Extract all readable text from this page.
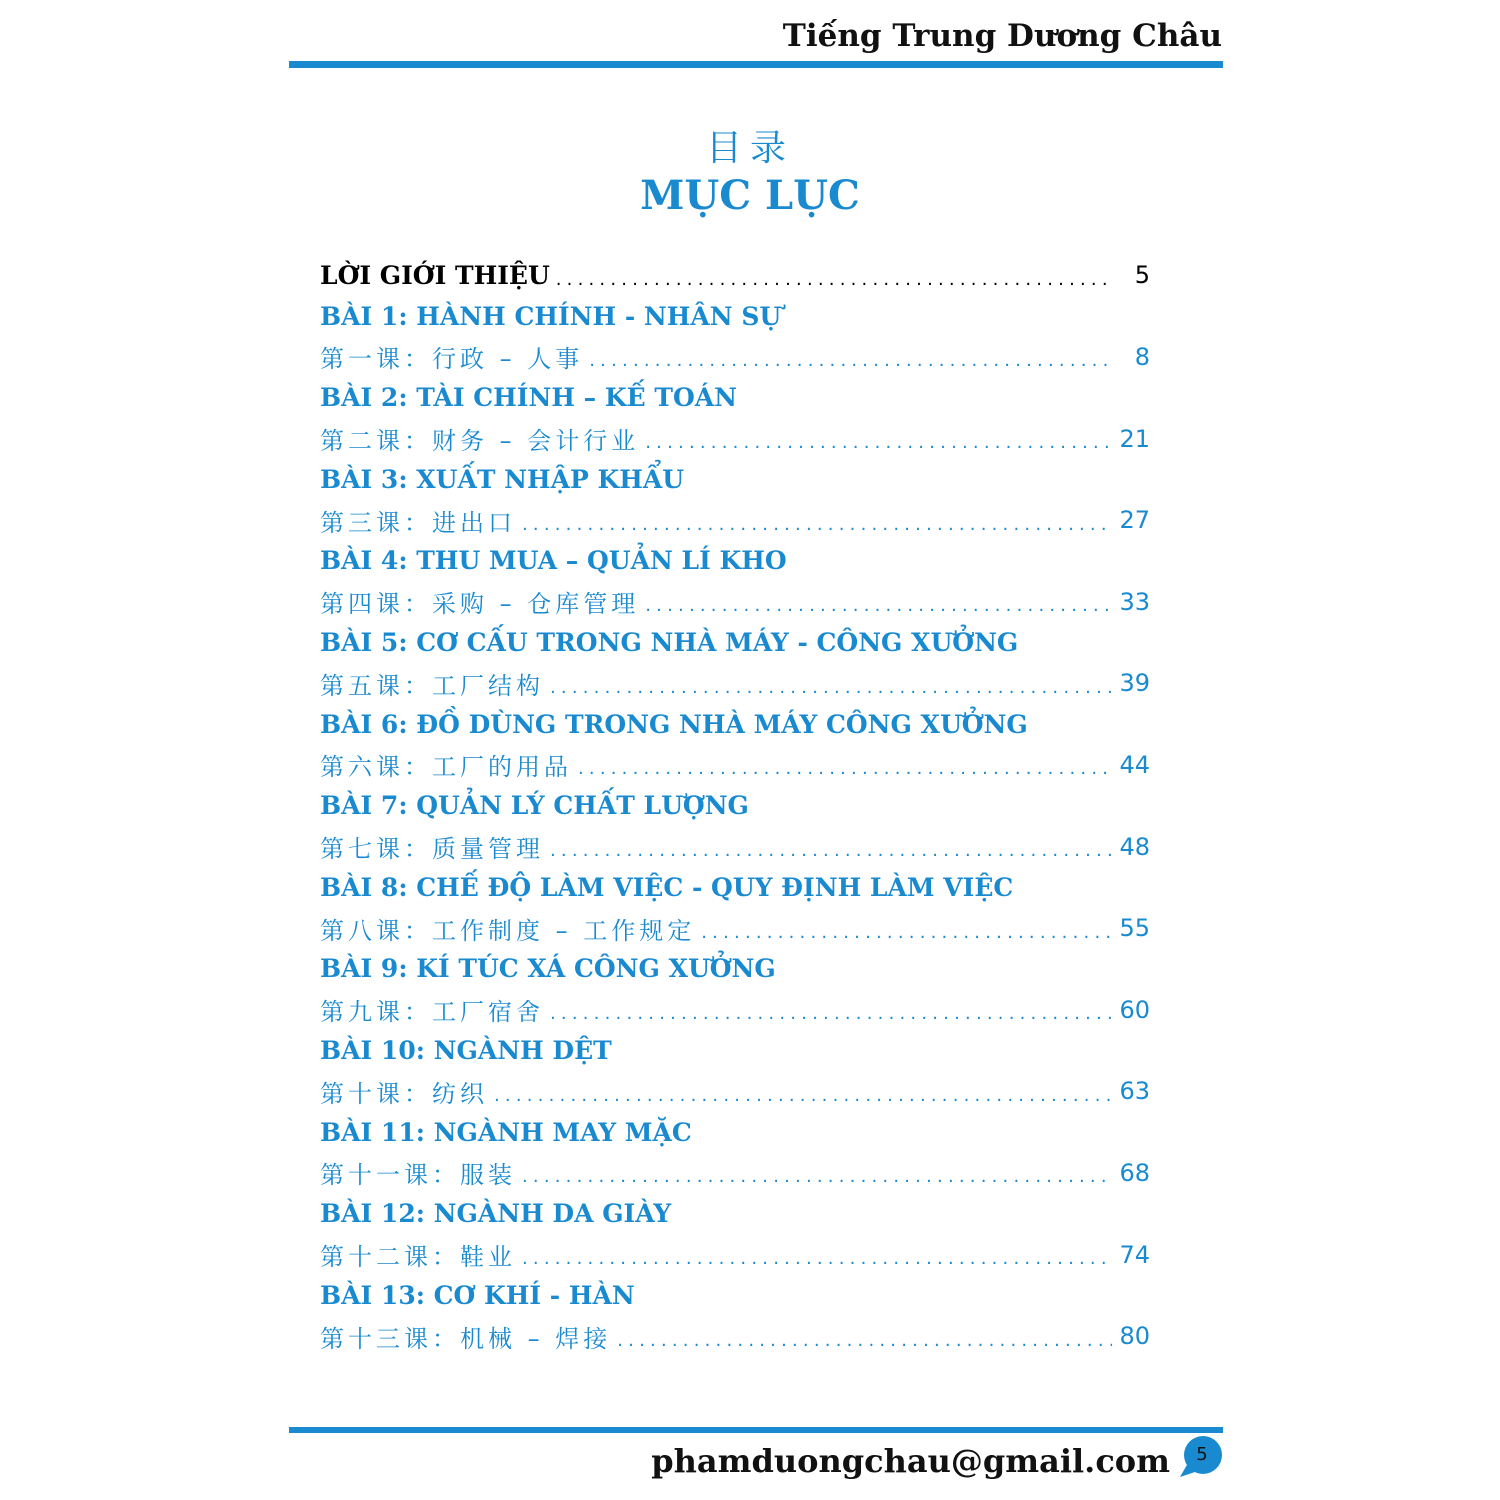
Tiếng Trung Dương Châu
目录
MỤC LỤC
LỜI GIỚI THIỆU .....	5
BÀI 1: HÀNH CHÍNH - NHÂN SỰ
第一课：行政 – 人事 .....	8
BÀI 2: TÀI CHÍNH – KẾ TOÁN
第二课：财务 – 会计行业 .....	21
BÀI 3: XUẤT NHẬP KHẨU
第三课：进出口 .....	27
BÀI 4: THU MUA – QUẢN LÍ KHO
第四课：采购 – 仓库管理 .....	33
BÀI 5: CƠ CẤU TRONG NHÀ MÁY - CÔNG XƯỞNG
第五课：工厂结构 .....	39
BÀI 6: ĐỒ DÙNG TRONG NHÀ MÁY CÔNG XƯỞNG
第六课：工厂的用品 .....	44
BÀI 7: QUẢN LÝ CHẤT LƯỢNG
第七课：质量管理 .....	48
BÀI 8: CHẾ ĐỘ LÀM VIỆC - QUY ĐỊNH LÀM VIỆC
第八课：工作制度 – 工作规定 .....	55
BÀI 9: KÍ TÚC XÁ CÔNG XƯỞNG
第九课：工厂宿舍 .....	60
BÀI 10: NGÀNH DỆT
第十课：纺织 .....	63
BÀI 11: NGÀNH MAY MẶC
第十一课：服装 .....	68
BÀI 12: NGÀNH DA GIÀY
第十二课：鞋业 .....	74
BÀI 13: CƠ KHÍ - HÀN
第十三课：机械 – 焊接 .....	80
phamduongchau@gmail.com	5
